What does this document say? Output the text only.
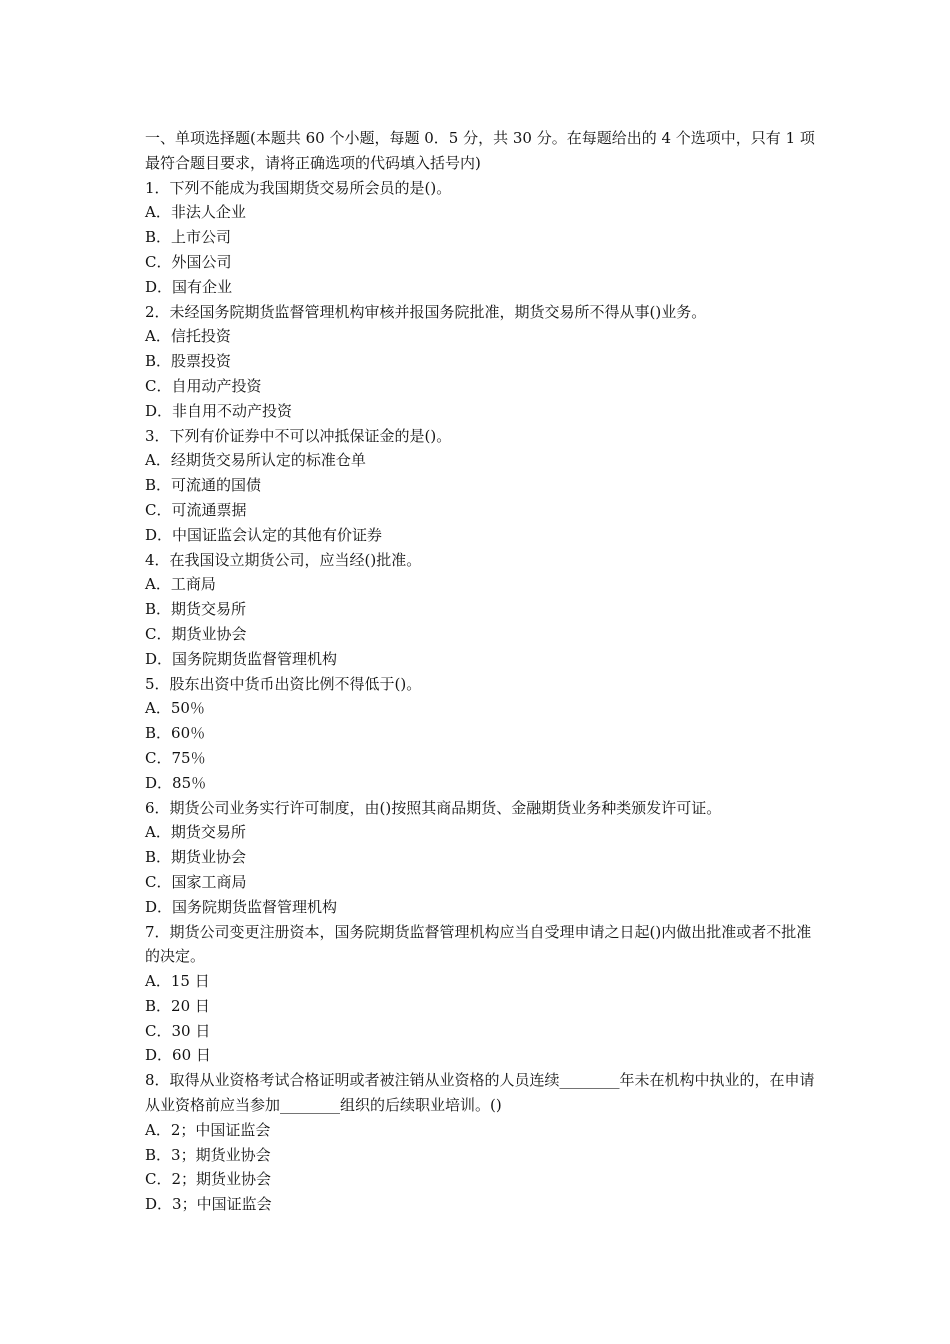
一、单项选择题(本题共 60 个小题，每题 0．5 分，共 30 分。在每题给出的 4 个选项中，只有 1 项最符合题目要求，请将正确选项的代码填入括号内)

1．下列不能成为我国期货交易所会员的是()。

A．非法人企业

B．上市公司

C．外国公司

D．国有企业

2．未经国务院期货监督管理机构审核并报国务院批准，期货交易所不得从事()业务。

A．信托投资

B．股票投资

C．自用动产投资

D．非自用不动产投资

3．下列有价证券中不可以冲抵保证金的是()。

A．经期货交易所认定的标准仓单

B．可流通的国债

C．可流通票据

D．中国证监会认定的其他有价证券

4．在我国设立期货公司，应当经()批准。

A．工商局

B．期货交易所

C．期货业协会

D．国务院期货监督管理机构

5．股东出资中货币出资比例不得低于()。

A．50％

B．60％

C．75％

D．85％

6．期货公司业务实行许可制度，由()按照其商品期货、金融期货业务种类颁发许可证。

A．期货交易所

B．期货业协会

C．国家工商局

D．国务院期货监督管理机构

7．期货公司变更注册资本，国务院期货监督管理机构应当自受理申请之日起()内做出批准或者不批准的决定。

A．15 日

B．20 日

C．30 日

D．60 日

8．取得从业资格考试合格证明或者被注销从业资格的人员连续________年未在机构中执业的，在申请从业资格前应当参加________组织的后续职业培训。()

A．2；中国证监会

B．3；期货业协会

C．2；期货业协会

D．3；中国证监会
